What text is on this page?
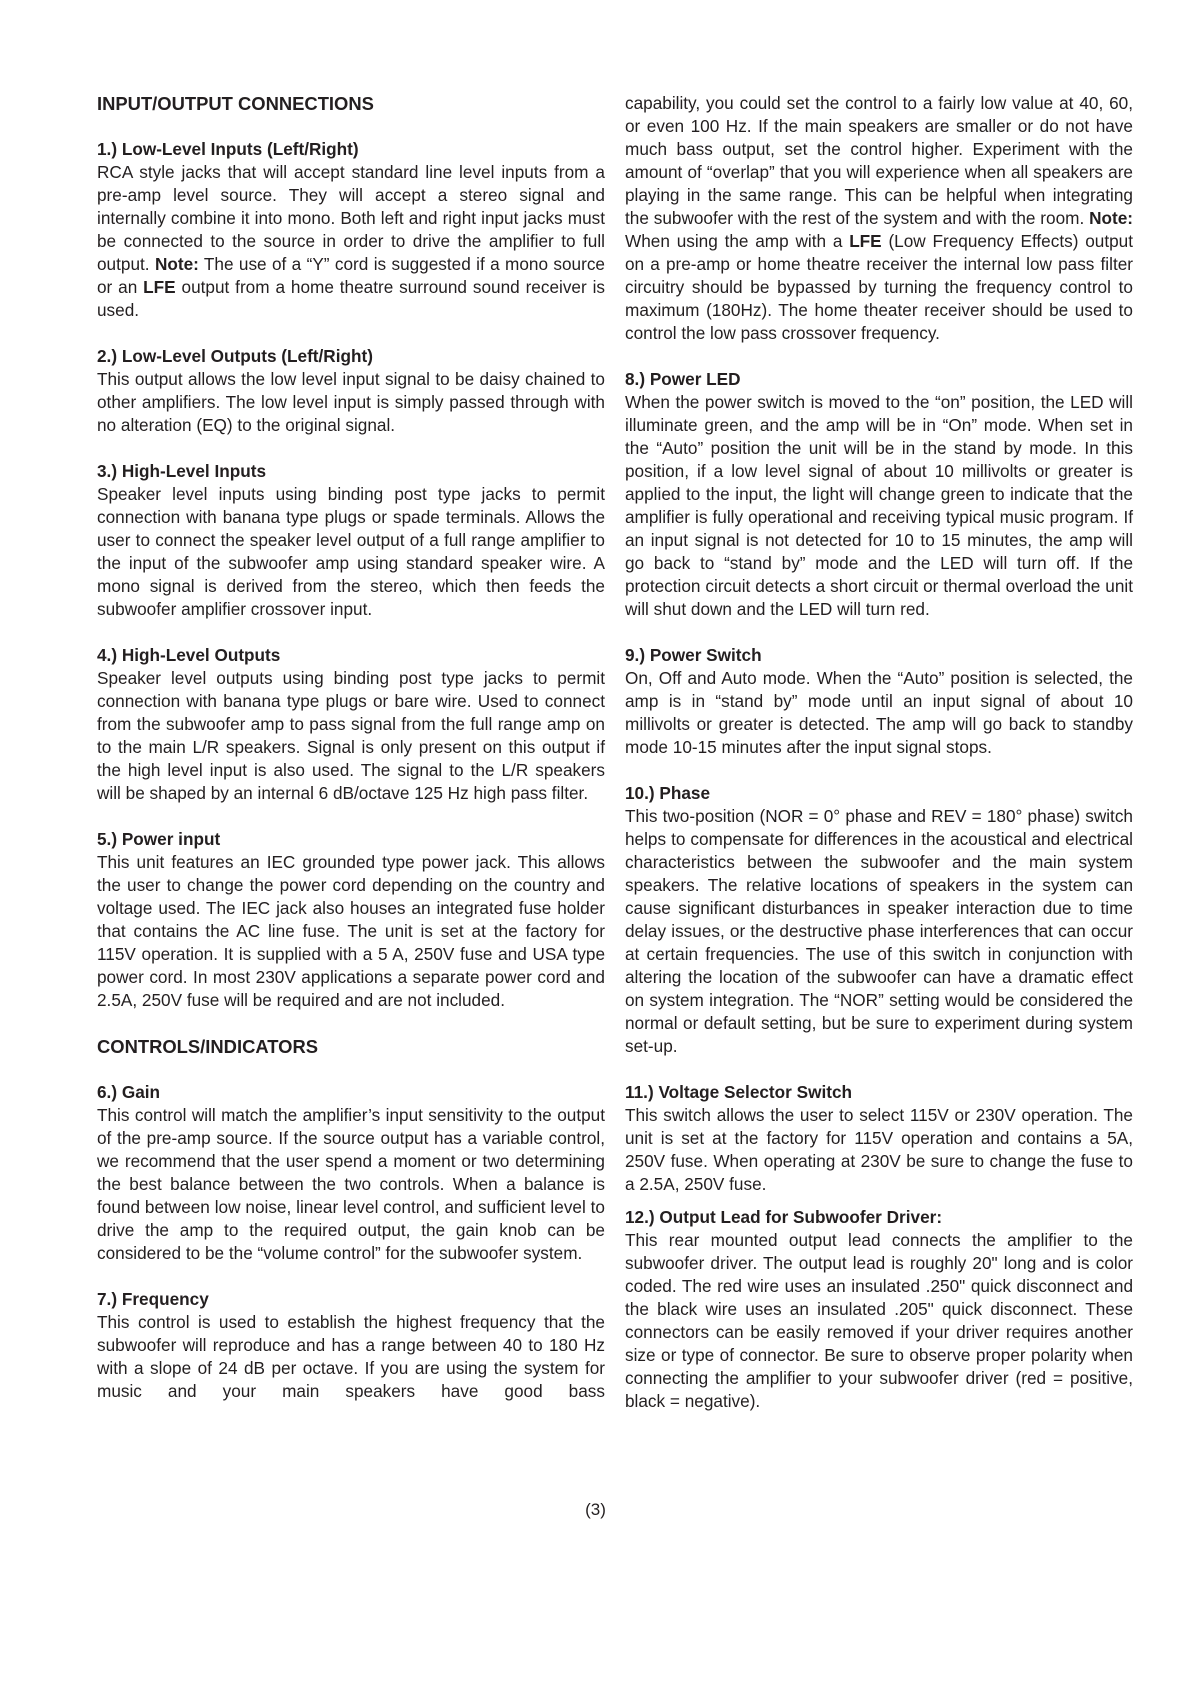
INPUT/OUTPUT CONNECTIONS

1.) Low-Level Inputs (Left/Right)

RCA style jacks that will accept standard line level inputs from a pre-amp level source. They will accept a stereo signal and internally combine it into mono. Both left and right input jacks must be connected to the source in order to drive the amplifier to full output. Note: The use of a “Y” cord is suggested if a mono source or an LFE output from a home theatre surround sound receiver is used.

2.) Low-Level Outputs (Left/Right)

This output allows the low level input signal to be daisy chained to other amplifiers. The low level input is simply passed through with no alteration (EQ) to the original signal.

3.) High-Level Inputs

Speaker level inputs using binding post type jacks to permit connection with banana type plugs or spade terminals. Allows the user to connect the speaker level output of a full range amplifier to the input of the subwoofer amp using standard speaker wire. A mono signal is derived from the stereo, which then feeds the subwoofer amplifier crossover input.

4.) High-Level Outputs

Speaker level outputs using binding post type jacks to permit connection with banana type plugs or bare wire. Used to connect from the subwoofer amp to pass signal from the full range amp on to the main L/R speakers. Signal is only present on this output if the high level input is also used. The signal to the L/R speakers will be shaped by an internal 6 dB/octave 125 Hz high pass filter.

5.) Power input

This unit features an IEC grounded type power jack. This allows the user to change the power cord depending on the country and voltage used. The IEC jack also houses an integrated fuse holder that contains the AC line fuse. The unit is set at the factory for 115V operation. It is supplied with a 5 A, 250V fuse and USA type power cord. In most 230V applications a separate power cord and 2.5A, 250V fuse will be required and are not included.

CONTROLS/INDICATORS

6.) Gain

This control will match the amplifier’s input sensitivity to the output of the pre-amp source. If the source output has a variable control, we recommend that the user spend a moment or two determining the best balance between the two controls. When a balance is found between low noise, linear level control, and sufficient level to drive the amp to the required output, the gain knob can be considered to be the “volume control” for the subwoofer system.

7.) Frequency

This control is used to establish the highest frequency that the subwoofer will reproduce and has a range between 40 to 180 Hz with a slope of 24 dB per octave. If you are using the system for music and your main speakers have good bass

capability, you could set the control to a fairly low value at 40, 60, or even 100 Hz. If the main speakers are smaller or do not have much bass output, set the control higher. Experiment with the amount of “overlap” that you will experience when all speakers are playing in the same range. This can be helpful when integrating the subwoofer with the rest of the system and with the room. Note: When using the amp with a LFE (Low Frequency Effects) output on a pre-amp or home theatre receiver the internal low pass filter circuitry should be bypassed by turning the frequency control to maximum (180Hz). The home theater receiver should be used to control the low pass crossover frequency.

8.) Power LED

When the power switch is moved to the “on” position, the LED will illuminate green, and the amp will be in “On” mode. When set in the “Auto” position the unit will be in the stand by mode. In this position, if a low level signal of about 10 millivolts or greater is applied to the input, the light will change green to indicate that the amplifier is fully operational and receiving typical music program. If an input signal is not detected for 10 to 15 minutes, the amp will go back to “stand by” mode and the LED will turn off. If the protection circuit detects a short circuit or thermal overload the unit will shut down and the LED will turn red.

9.) Power Switch

On, Off and Auto mode. When the “Auto” position is selected, the amp is in “stand by” mode until an input signal of about 10 millivolts or greater is detected. The amp will go back to standby mode 10-15 minutes after the input signal stops.

10.) Phase

This two-position (NOR = 0° phase and REV = 180° phase) switch helps to compensate for differences in the acoustical and electrical characteristics between the subwoofer and the main system speakers. The relative locations of speakers in the system can cause significant disturbances in speaker interaction due to time delay issues, or the destructive phase interferences that can occur at certain frequencies. The use of this switch in conjunction with altering the location of the subwoofer can have a dramatic effect on system integration. The “NOR” setting would be considered the normal or default setting, but be sure to experiment during system set-up.

11.) Voltage Selector Switch

This switch allows the user to select 115V or 230V operation. The unit is set at the factory for 115V operation and contains a 5A, 250V fuse. When operating at 230V be sure to change the fuse to a 2.5A, 250V fuse.

12.) Output Lead for Subwoofer Driver:

This rear mounted output lead connects the amplifier to the subwoofer driver. The output lead is roughly 20" long and is color coded. The red wire uses an insulated .250" quick disconnect and the black wire uses an insulated .205" quick disconnect. These connectors can be easily removed if your driver requires another size or type of connector. Be sure to observe proper polarity when connecting the amplifier to your subwoofer driver (red = positive, black = negative).

(3)
